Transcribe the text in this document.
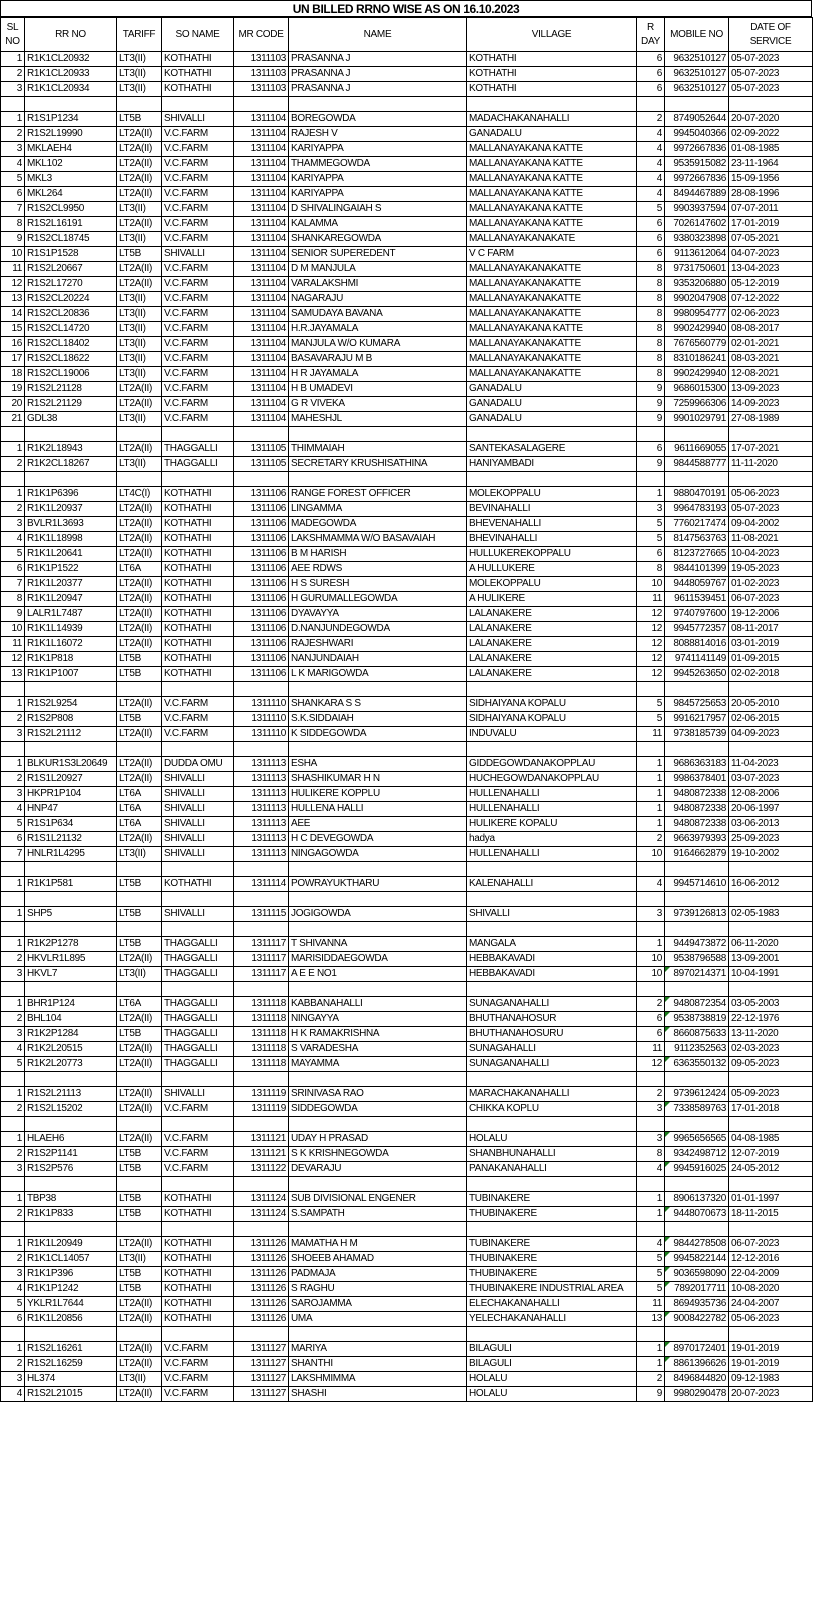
UN BILLED RRNO WISE AS ON 16.10.2023
SL NO	RR NO	TARIFF	SO NAME	MR CODE	NAME	VILLAGE	R DAY	MOBILE NO	DATE OF SERVICE
1	R1K1CL20932	LT3(II)	KOTHATHI	1311103	PRASANNA J	KOTHATHI	6	9632510127	05-07-2023
2	R1K1CL20933	LT3(II)	KOTHATHI	1311103	PRASANNA J	KOTHATHI	6	9632510127	05-07-2023
3	R1K1CL20934	LT3(II)	KOTHATHI	1311103	PRASANNA J	KOTHATHI	6	9632510127	05-07-2023

1	R1S1P1234	LT5B	SHIVALLI	1311104	BOREGOWDA	MADACHAKANAHALLI	2	8749052644	20-07-2020
2	R1S2L19990	LT2A(II)	V.C.FARM	1311104	RAJESH V	GANADALU	4	9945040366	02-09-2022
3	MKLAEH4	LT2A(II)	V.C.FARM	1311104	KARIYAPPA	MALLANAYAKANA KATTE	4	9972667836	01-08-1985
4	MKL102	LT2A(II)	V.C.FARM	1311104	THAMMEGOWDA	MALLANAYAKANA KATTE	4	9535915082	23-11-1964
5	MKL3	LT2A(II)	V.C.FARM	1311104	KARIYAPPA	MALLANAYAKANA KATTE	4	9972667836	15-09-1956
6	MKL264	LT2A(II)	V.C.FARM	1311104	KARIYAPPA	MALLANAYAKANA KATTE	4	8494467889	28-08-1996
7	R1S2CL9950	LT3(II)	V.C.FARM	1311104	D SHIVALINGAIAH S	MALLANAYAKANA KATTE	5	9903937594	07-07-2011
8	R1S2L16191	LT2A(II)	V.C.FARM	1311104	KALAMMA	MALLANAYAKANA KATTE	6	7026147602	17-01-2019
9	R1S2CL18745	LT3(II)	V.C.FARM	1311104	SHANKAREGOWDA	MALLANAYAKANAKATE	6	9380323898	07-05-2021
10	R1S1P1528	LT5B	SHIVALLI	1311104	SENIOR SUPEREDENT	V C FARM	6	9113612064	04-07-2023
11	R1S2L20667	LT2A(II)	V.C.FARM	1311104	D M MANJULA	MALLANAYAKANAKATTE	8	9731750601	13-04-2023
12	R1S2L17270	LT2A(II)	V.C.FARM	1311104	VARALAKSHMI	MALLANAYAKANAKATTE	8	9353206880	05-12-2019
13	R1S2CL20224	LT3(II)	V.C.FARM	1311104	NAGARAJU	MALLANAYAKANAKATTE	8	9902047908	07-12-2022
14	R1S2CL20836	LT3(II)	V.C.FARM	1311104	SAMUDAYA BAVANA	MALLANAYAKANAKATTE	8	9980954777	02-06-2023
15	R1S2CL14720	LT3(II)	V.C.FARM	1311104	H.R.JAYAMALA	MALLANAYAKANA KATTE	8	9902429940	08-08-2017
16	R1S2CL18402	LT3(II)	V.C.FARM	1311104	MANJULA W/O KUMARA	MALLANAYAKANAKATTE	8	7676560779	02-01-2021
17	R1S2CL18622	LT3(II)	V.C.FARM	1311104	BASAVARAJU M B	MALLANAYAKANAKATTE	8	8310186241	08-03-2021
18	R1S2CL19006	LT3(II)	V.C.FARM	1311104	H R JAYAMALA	MALLANAYAKANAKATTE	8	9902429940	12-08-2021
19	R1S2L21128	LT2A(II)	V.C.FARM	1311104	H B UMADEVI	GANADALU	9	9686015300	13-09-2023
20	R1S2L21129	LT2A(II)	V.C.FARM	1311104	G R VIVEKA	GANADALU	9	7259966306	14-09-2023
21	GDL38	LT3(II)	V.C.FARM	1311104	MAHESHJL	GANADALU	9	9901029791	27-08-1989

1	R1K2L18943	LT2A(II)	THAGGALLI	1311105	THIMMAIAH	SANTEKASALAGERE	6	9611669055	17-07-2021
2	R1K2CL18267	LT3(II)	THAGGALLI	1311105	SECRETARY KRUSHISATHINA	HANIYAMBADI	9	9844588777	11-11-2020

1	R1K1P6396	LT4C(I)	KOTHATHI	1311106	RANGE FOREST OFFICER	MOLEKOPPALU	1	9880470191	05-06-2023
2	R1K1L20937	LT2A(II)	KOTHATHI	1311106	LINGAMMA	BEVINAHALLI	3	9964783193	05-07-2023
3	BVLR1L3693	LT2A(II)	KOTHATHI	1311106	MADEGOWDA	BHEVENAHALLI	5	7760217474	09-04-2002
4	R1K1L18998	LT2A(II)	KOTHATHI	1311106	LAKSHMAMMA W/O BASAVAIAH	BHEVINAHALLI	5	8147563763	11-08-2021
5	R1K1L20641	LT2A(II)	KOTHATHI	1311106	B M HARISH	HULLUKEREKOPPALU	6	8123727665	10-04-2023
6	R1K1P1522	LT6A	KOTHATHI	1311106	AEE RDWS	A HULLUKERE	8	9844101399	19-05-2023
7	R1K1L20377	LT2A(II)	KOTHATHI	1311106	H S SURESH	MOLEKOPPALU	10	9448059767	01-02-2023
8	R1K1L20947	LT2A(II)	KOTHATHI	1311106	H GURUMALLEGOWDA	A HULIKERE	11	9611539451	06-07-2023
9	LALR1L7487	LT2A(II)	KOTHATHI	1311106	DYAVAYYA	LALANAKERE	12	9740797600	19-12-2006
10	R1K1L14939	LT2A(II)	KOTHATHI	1311106	D.NANJUNDEGOWDA	LALANAKERE	12	9945772357	08-11-2017
11	R1K1L16072	LT2A(II)	KOTHATHI	1311106	RAJESHWARI	LALANAKERE	12	8088814016	03-01-2019
12	R1K1P818	LT5B	KOTHATHI	1311106	NANJUNDAIAH	LALANAKERE	12	9741141149	01-09-2015
13	R1K1P1007	LT5B	KOTHATHI	1311106	L K MARIGOWDA	LALANAKERE	12	9945263650	02-02-2018

1	R1S2L9254	LT2A(II)	V.C.FARM	1311110	SHANKARA S S	SIDHAIYANA KOPALU	5	9845725653	20-05-2010
2	R1S2P808	LT5B	V.C.FARM	1311110	S.K.SIDDAIAH	SIDHAIYANA KOPALU	5	9916217957	02-06-2015
3	R1S2L21112	LT2A(II)	V.C.FARM	1311110	K SIDDEGOWDA	INDUVALU	11	9738185739	04-09-2023

1	BLKUR1S3L20649	LT2A(II)	DUDDA OMU	1311113	ESHA	GIDDEGOWDANAKOPPLAU	1	9686363183	11-04-2023
2	R1S1L20927	LT2A(II)	SHIVALLI	1311113	SHASHIKUMAR H N	HUCHEGOWDANAKOPPLAU	1	9986378401	03-07-2023
3	HKPR1P104	LT6A	SHIVALLI	1311113	HULIKERE KOPPLU	HULLENAHALLI	1	9480872338	12-08-2006
4	HNP47	LT6A	SHIVALLI	1311113	HULLENA HALLI	HULLENAHALLI	1	9480872338	20-06-1997
5	R1S1P634	LT6A	SHIVALLI	1311113	AEE	HULIKERE KOPALU	1	9480872338	03-06-2013
6	R1S1L21132	LT2A(II)	SHIVALLI	1311113	H C DEVEGOWDA	hadya	2	9663979393	25-09-2023
7	HNLR1L4295	LT3(II)	SHIVALLI	1311113	NINGAGOWDA	HULLENAHALLI	10	9164662879	19-10-2002

1	R1K1P581	LT5B	KOTHATHI	1311114	POWRAYUKTHARU	KALENAHALLI	4	9945714610	16-06-2012

1	SHP5	LT5B	SHIVALLI	1311115	JOGIGOWDA	SHIVALLI	3	9739126813	02-05-1983

1	R1K2P1278	LT5B	THAGGALLI	1311117	T SHIVANNA	MANGALA	1	9449473872	06-11-2020
2	HKVLR1L895	LT2A(II)	THAGGALLI	1311117	MARISIDDAEGOWDA	HEBBAKAVADI	10	9538796588	13-09-2001
3	HKVL7	LT3(II)	THAGGALLI	1311117	A E E NO1	HEBBAKAVADI	10	8970214371	10-04-1991

1	BHR1P124	LT6A	THAGGALLI	1311118	KABBANAHALLI	SUNAGANAHALLI	2	9480872354	03-05-2003
2	BHL104	LT2A(II)	THAGGALLI	1311118	NINGAYYA	BHUTHANAHOSUR	6	9538738819	22-12-1976
3	R1K2P1284	LT5B	THAGGALLI	1311118	H K RAMAKRISHNA	BHUTHANAHOSURU	6	8660875633	13-11-2020
4	R1K2L20515	LT2A(II)	THAGGALLI	1311118	S VARADESHA	SUNAGAHALLI	11	9112352563	02-03-2023
5	R1K2L20773	LT2A(II)	THAGGALLI	1311118	MAYAMMA	SUNAGANAHALLI	12	6363550132	09-05-2023

1	R1S2L21113	LT2A(II)	SHIVALLI	1311119	SRINIVASA RAO	MARACHAKANAHALLI	2	9739612424	05-09-2023
2	R1S2L15202	LT2A(II)	V.C.FARM	1311119	SIDDEGOWDA	CHIKKA KOPLU	3	7338589763	17-01-2018

1	HLAEH6	LT2A(II)	V.C.FARM	1311121	UDAY H PRASAD	HOLALU	3	9965656565	04-08-1985
2	R1S2P1141	LT5B	V.C.FARM	1311121	S K KRISHNEGOWDA	SHANBHUNAHALLI	8	9342498712	12-07-2019
3	R1S2P576	LT5B	V.C.FARM	1311122	DEVARAJU	PANAKANAHALLI	4	9945916025	24-05-2012

1	TBP38	LT5B	KOTHATHI	1311124	SUB DIVISIONAL ENGENER	TUBINAKERE	1	8906137320	01-01-1997
2	R1K1P833	LT5B	KOTHATHI	1311124	S.SAMPATH	THUBINAKERE	1	9448070673	18-11-2015

1	R1K1L20949	LT2A(II)	KOTHATHI	1311126	MAMATHA H M	TUBINAKERE	4	9844278508	06-07-2023
2	R1K1CL14057	LT3(II)	KOTHATHI	1311126	SHOEEB AHAMAD	THUBINAKERE	5	9945822144	12-12-2016
3	R1K1P396	LT5B	KOTHATHI	1311126	PADMAJA	THUBINAKERE	5	9036598090	22-04-2009
4	R1K1P1242	LT5B	KOTHATHI	1311126	S RAGHU	THUBINAKERE INDUSTRIAL AREA	5	7892017711	10-08-2020
5	YKLR1L7644	LT2A(II)	KOTHATHI	1311126	SAROJAMMA	ELECHAKANAHALLI	11	8694935736	24-04-2007
6	R1K1L20856	LT2A(II)	KOTHATHI	1311126	UMA	YELECHAKANAHALLI	13	9008422782	05-06-2023

1	R1S2L16261	LT2A(II)	V.C.FARM	1311127	MARIYA	BILAGULI	1	8970172401	19-01-2019
2	R1S2L16259	LT2A(II)	V.C.FARM	1311127	SHANTHI	BILAGULI	1	8861396626	19-01-2019
3	HL374	LT3(II)	V.C.FARM	1311127	LAKSHMIMMA	HOLALU	2	8496844820	09-12-1983
4	R1S2L21015	LT2A(II)	V.C.FARM	1311127	SHASHI	HOLALU	9	9980290478	20-07-2023
